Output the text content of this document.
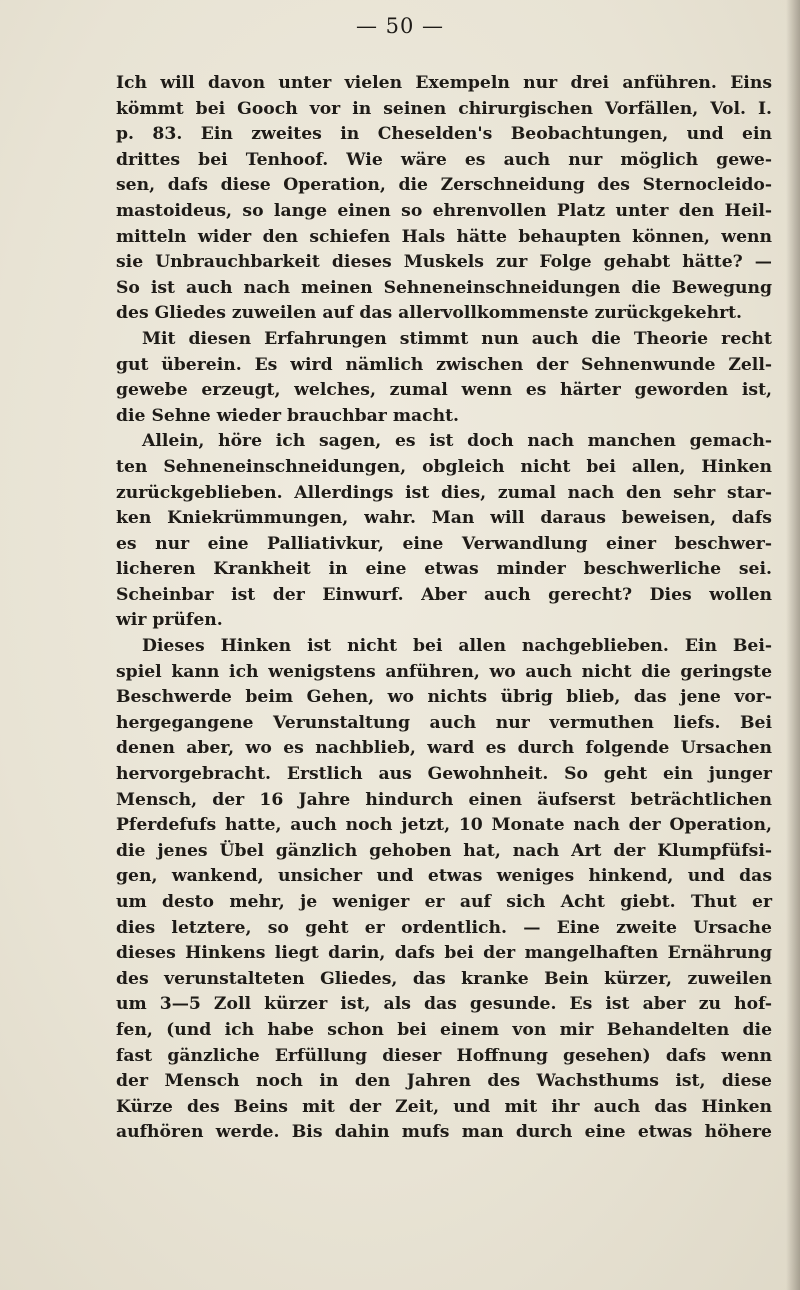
— 50 —
Ich will davon unter vielen Exempeln nur drei anführen. Eins
kömmt bei Gooch vor in seinen chirurgischen Vorfällen, Vol. I.
p. 83. Ein zweites in Cheselden's Beobachtungen, und ein
drittes bei Tenhoof. Wie wäre es auch nur möglich gewe-
sen, dafs diese Operation, die Zerschneidung des Sternocleido-
mastoideus, so lange einen so ehrenvollen Platz unter den Heil-
mitteln wider den schiefen Hals hätte behaupten können, wenn
sie Unbrauchbarkeit dieses Muskels zur Folge gehabt hätte? —
So ist auch nach meinen Sehneneinschneidungen die Bewegung
des Gliedes zuweilen auf das allervollkommenste zurückgekehrt.
Mit diesen Erfahrungen stimmt nun auch die Theorie recht
gut überein. Es wird nämlich zwischen der Sehnenwunde Zell-
gewebe erzeugt, welches, zumal wenn es härter geworden ist,
die Sehne wieder brauchbar macht.
Allein, höre ich sagen, es ist doch nach manchen gemach-
ten Sehneneinschneidungen, obgleich nicht bei allen, Hinken
zurückgeblieben. Allerdings ist dies, zumal nach den sehr star-
ken Kniekrümmungen, wahr. Man will daraus beweisen, dafs
es nur eine Palliativkur, eine Verwandlung einer beschwer-
licheren Krankheit in eine etwas minder beschwerliche sei.
Scheinbar ist der Einwurf. Aber auch gerecht? Dies wollen
wir prüfen.
Dieses Hinken ist nicht bei allen nachgeblieben. Ein Bei-
spiel kann ich wenigstens anführen, wo auch nicht die geringste
Beschwerde beim Gehen, wo nichts übrig blieb, das jene vor-
hergegangene Verunstaltung auch nur vermuthen liefs. Bei
denen aber, wo es nachblieb, ward es durch folgende Ursachen
hervorgebracht. Erstlich aus Gewohnheit. So geht ein junger
Mensch, der 16 Jahre hindurch einen äufserst beträchtlichen
Pferdefufs hatte, auch noch jetzt, 10 Monate nach der Operation,
die jenes Übel gänzlich gehoben hat, nach Art der Klumpfüfsi-
gen, wankend, unsicher und etwas weniges hinkend, und das
um desto mehr, je weniger er auf sich Acht giebt. Thut er
dies letztere, so geht er ordentlich. — Eine zweite Ursache
dieses Hinkens liegt darin, dafs bei der mangelhaften Ernährung
des verunstalteten Gliedes, das kranke Bein kürzer, zuweilen
um 3—5 Zoll kürzer ist, als das gesunde. Es ist aber zu hof-
fen, (und ich habe schon bei einem von mir Behandelten die
fast gänzliche Erfüllung dieser Hoffnung gesehen) dafs wenn
der Mensch noch in den Jahren des Wachsthums ist, diese
Kürze des Beins mit der Zeit, und mit ihr auch das Hinken
aufhören werde. Bis dahin mufs man durch eine etwas höhere
